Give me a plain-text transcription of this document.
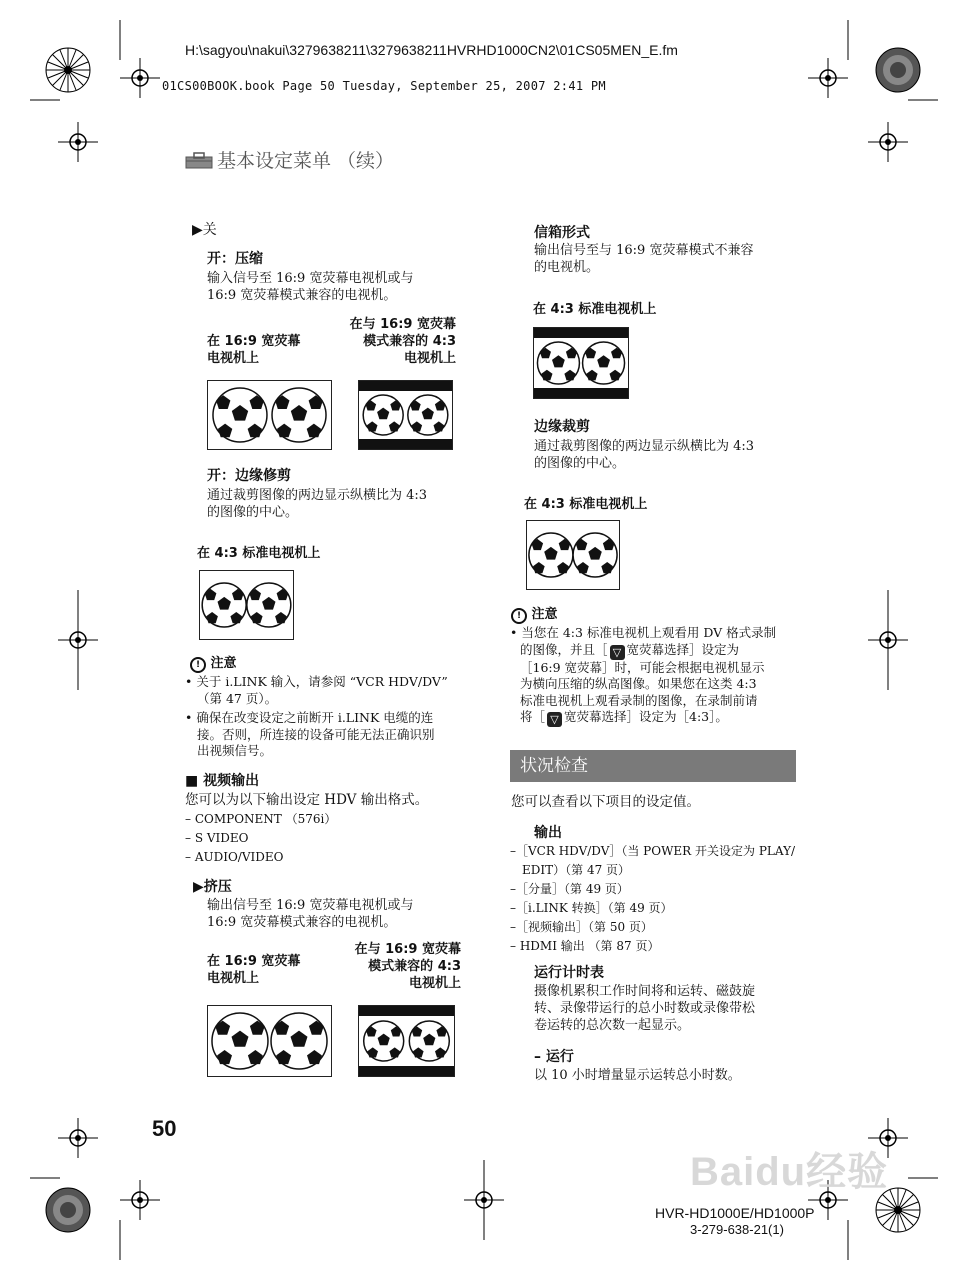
H:\sagyou\nakui\3279638211\3279638211HVRHD1000CN2\01CS05MEN_E.fm
01CS00BOOK.book Page 50 Tuesday, September 25, 2007 2:41 PM
基本设定菜单 （续）
▶关
开：压缩
输入信号至 16:9 宽荧幕电视机或与
16:9 宽荧幕模式兼容的电视机。
在 16:9 宽荧幕
电视机上
在与 16:9 宽荧幕
模式兼容的 4:3
电视机上
开：边缘修剪
通过裁剪图像的两边显示纵横比为 4:3
的图像的中心。
在 4:3 标准电视机上
! 注意
• 关于 i.LINK 输入，请参阅 “VCR HDV/DV”
（第 47 页）。
• 确保在改变设定之前断开 i.LINK 电缆的连
接。否则，所连接的设备可能无法正确识别
出视频信号。
■ 视频输出
您可以为以下输出设定 HDV 输出格式。
– COMPONENT （576i）
– S VIDEO
– AUDIO/VIDEO
▶挤压
输出信号至 16:9 宽荧幕电视机或与
16:9 宽荧幕模式兼容的电视机。
在 16:9 宽荧幕
电视机上
在与 16:9 宽荧幕
模式兼容的 4:3
电视机上
信箱形式
输出信号至与 16:9 宽荧幕模式不兼容
的电视机。
在 4:3 标准电视机上
边缘裁剪
通过裁剪图像的两边显示纵横比为 4:3
的图像的中心。
在 4:3 标准电视机上
! 注意
• 当您在 4:3 标准电视机上观看用 DV 格式录制
的图像，并且［ ▽ 宽荧幕选择］设定为
［16:9 宽荧幕］时，可能会根据电视机显示
为横向压缩的纵高图像。如果您在这类 4:3
标准电视机上观看录制的图像，在录制前请
将［ ▽ 宽荧幕选择］设定为［4:3］。
状况检查
您可以查看以下项目的设定值。
输出
–［VCR HDV/DV］（当 POWER 开关设定为 PLAY/
EDIT）（第 47 页）
–［分量］（第 49 页）
–［i.LINK 转换］（第 49 页）
–［视频输出］（第 50 页）
– HDMI 输出 （第 87 页）
运行计时表
摄像机累积工作时间将和运转、磁鼓旋
转、录像带运行的总小时数或录像带松
卷运转的总次数一起显示。
– 运行
以 10 小时增量显示运转总小时数。
50
Baidu经验
HVR-HD1000E/HD1000P
3-279-638-21(1)
